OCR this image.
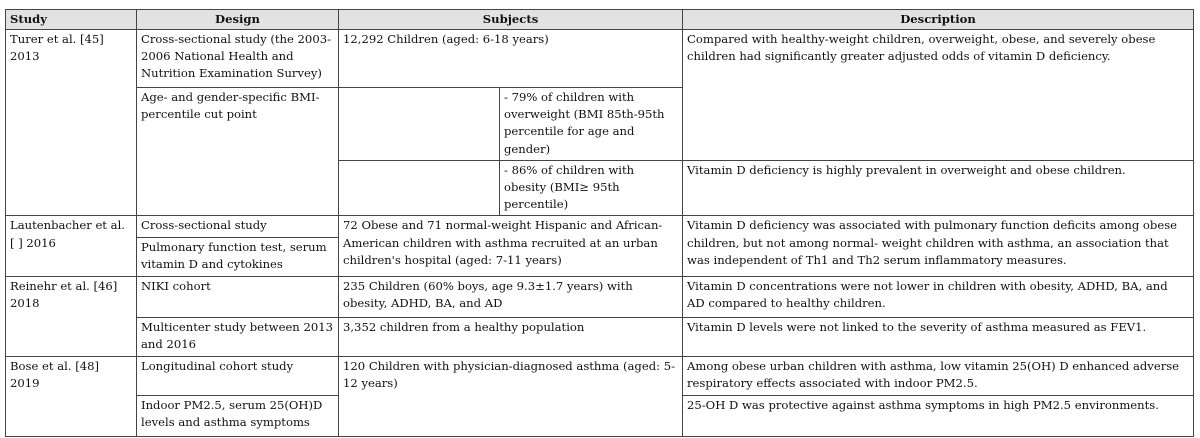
Study	Design	Subjects		Description
Turer et al. [45] 2013	Cross-sectional study (the 2003-2006 National Health and Nutrition Examination Survey)	12,292 Children (aged: 6-18 years)		Compared with healthy-weight children, overweight, obese, and severely obese children had significantly greater adjusted odds of vitamin D deficiency.
	Age- and gender-specific BMI-percentile cut point		- 79% of children with overweight (BMI 85th-95th percentile for age and gender)	
			- 86% of children with obesity (BMI≥ 95th percentile)	Vitamin D deficiency is highly prevalent in overweight and obese children.
Lautenbacher et al. [ ] 2016	Cross-sectional study	72 Obese and 71 normal-weight Hispanic and African-American children with asthma recruited at an urban children's hospital (aged: 7-11 years)		Vitamin D deficiency was associated with pulmonary function deficits among obese children, but not among normal- weight children with asthma, an association that was independent of Th1 and Th2 serum inflammatory measures.
	Pulmonary function test, serum vitamin D and cytokines			
Reinehr et al. [46] 2018	NIKI cohort	235 Children (60% boys, age 9.3±1.7 years) with obesity, ADHD, BA, and AD		Vitamin D concentrations were not lower in children with obesity, ADHD, BA, and AD compared to healthy children.
	Multicenter study between 2013 and 2016	3,352 children from a healthy population		Vitamin D levels were not linked to the severity of asthma measured as FEV1.
Bose et al. [48] 2019	Longitudinal cohort study	120 Children with physician-diagnosed asthma (aged: 5-12 years)		Among obese urban children with asthma, low vitamin 25(OH) D enhanced adverse respiratory effects associated with indoor PM2.5.
	Indoor PM2.5, serum 25(OH)D levels and asthma symptoms			25-OH D was protective against asthma symptoms in high PM2.5 environments.
